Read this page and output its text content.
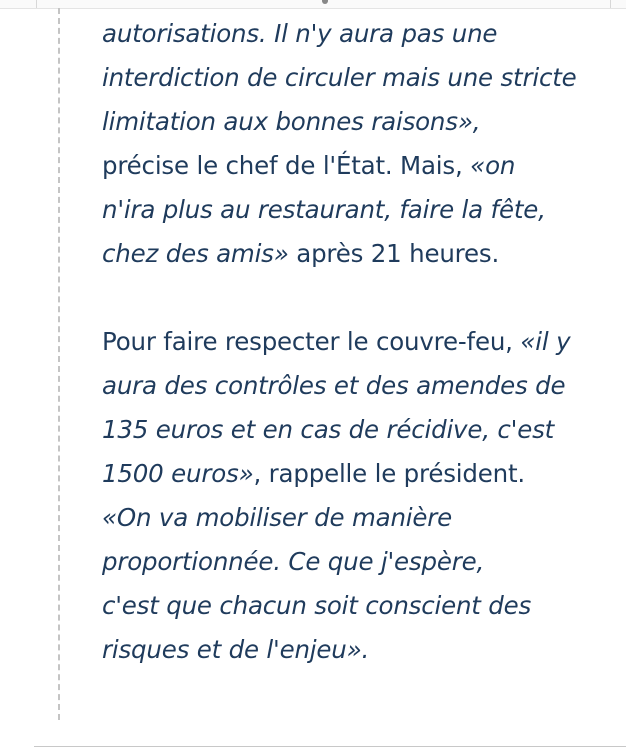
autorisations. Il n'y aura pas une
interdiction de circuler mais une stricte
limitation aux bonnes raisons»,
précise le chef de l'État. Mais, «on
n'ira plus au restaurant, faire la fête,
chez des amis» après 21 heures.

Pour faire respecter le couvre-feu, «il y
aura des contrôles et des amendes de
135 euros et en cas de récidive, c'est
1500 euros», rappelle le président.
«On va mobiliser de manière
proportionnée. Ce que j'espère,
c'est que chacun soit conscient des
risques et de l'enjeu».
